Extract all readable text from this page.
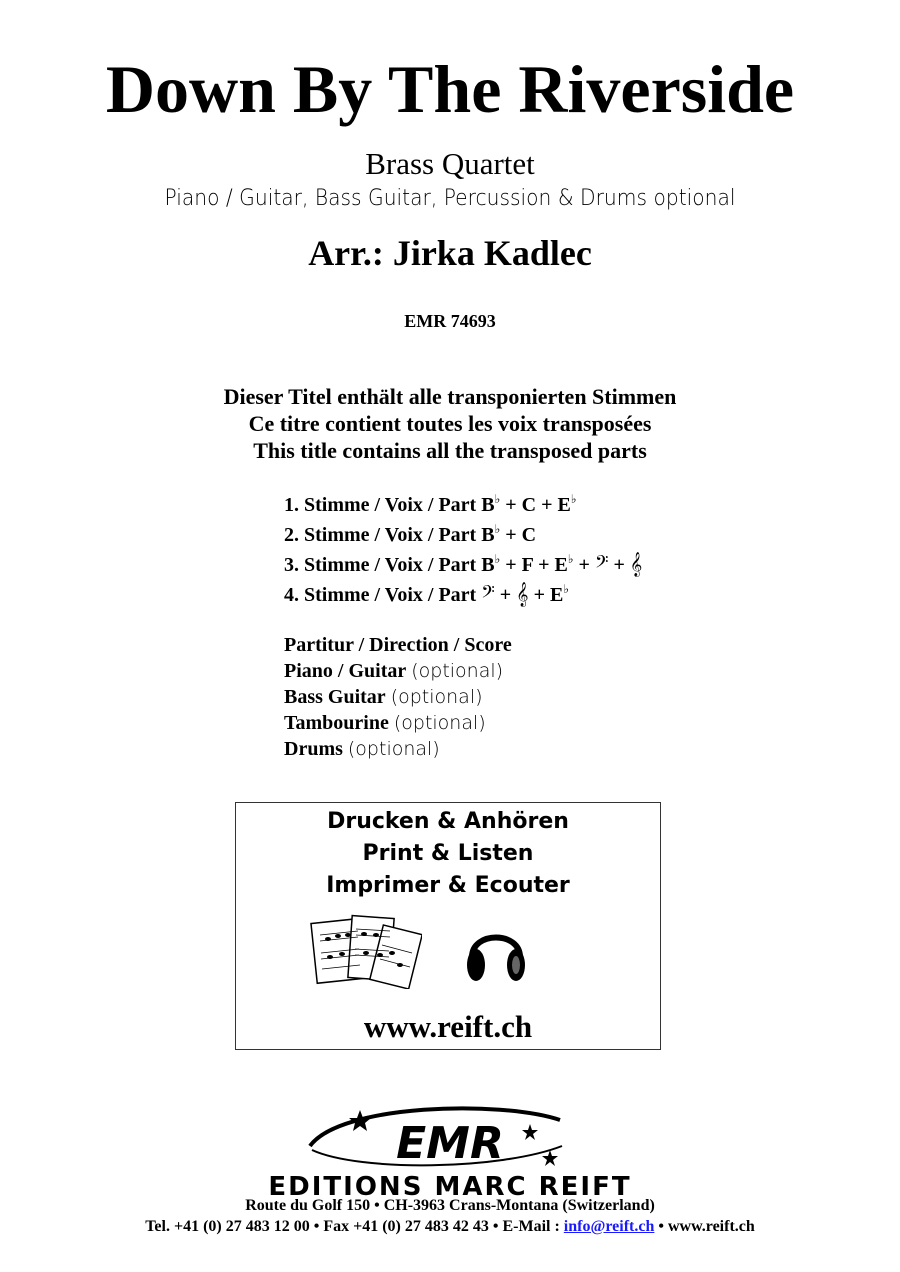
Down By The Riverside
Brass Quartet
Piano / Guitar, Bass Guitar, Percussion & Drums optional
Arr.: Jirka Kadlec
EMR 74693
Dieser Titel enthält alle transponierten Stimmen
Ce titre contient toutes les voix transposées
This title contains all the transposed parts
1. Stimme / Voix / Part B♭ + C + E♭
2. Stimme / Voix / Part B♭ + C
3. Stimme / Voix / Part B♭ + F + E♭ + 𝄢 + 𝄞
4. Stimme / Voix / Part 𝄢 + 𝄞 + E♭
Partitur / Direction / Score
Piano / Guitar (optional)
Bass Guitar (optional)
Tambourine (optional)
Drums (optional)
Drucken & Anhören
Print & Listen
Imprimer & Ecouter
www.reift.ch
EMR
EDITIONS MARC REIFT
Route du Golf 150 • CH-3963 Crans-Montana (Switzerland)
Tel. +41 (0) 27 483 12 00 • Fax +41 (0) 27 483 42 43 • E-Mail : info@reift.ch • www.reift.ch
